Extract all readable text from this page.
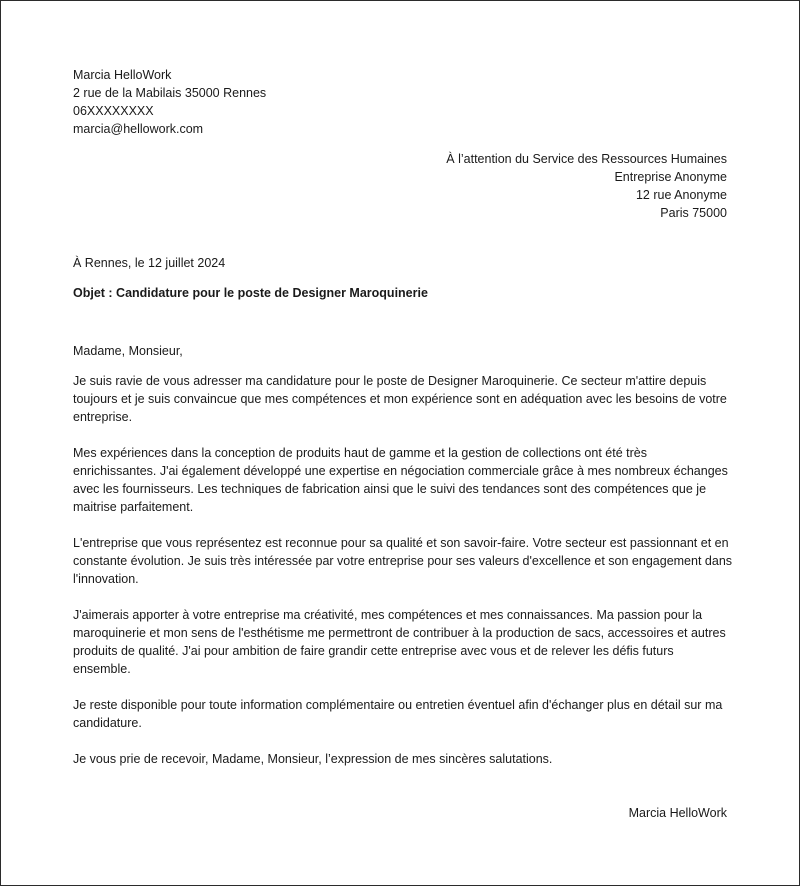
Marcia HelloWork
2 rue de la Mabilais 35000 Rennes
06XXXXXXXX
marcia@hellowork.com
À l’attention du Service des Ressources Humaines
Entreprise Anonyme
12 rue Anonyme
Paris 75000
À Rennes, le 12 juillet 2024
Objet : Candidature pour le poste de Designer Maroquinerie
Madame, Monsieur,

Je suis ravie de vous adresser ma candidature pour le poste de Designer Maroquinerie. Ce secteur m'attire depuis toujours et je suis convaincue que mes compétences et mon expérience sont en adéquation avec les besoins de votre entreprise.

Mes expériences dans la conception de produits haut de gamme et la gestion de collections ont été très enrichissantes. J'ai également développé une expertise en négociation commerciale grâce à mes nombreux échanges avec les fournisseurs. Les techniques de fabrication ainsi que le suivi des tendances sont des compétences que je maitrise parfaitement.

L'entreprise que vous représentez est reconnue pour sa qualité et son savoir-faire. Votre secteur est passionnant et en constante évolution. Je suis très intéressée par votre entreprise pour ses valeurs d'excellence et son engagement dans l'innovation.

J'aimerais apporter à votre entreprise ma créativité, mes compétences et mes connaissances. Ma passion pour la maroquinerie et mon sens de l'esthétisme me permettront de contribuer à la production de sacs, accessoires et autres produits de qualité. J'ai pour ambition de faire grandir cette entreprise avec vous et de relever les défis futurs ensemble.

Je reste disponible pour toute information complémentaire ou entretien éventuel afin d'échanger plus en détail sur ma candidature.

Je vous prie de recevoir, Madame, Monsieur, l’expression de mes sincères salutations.

Marcia HelloWork
